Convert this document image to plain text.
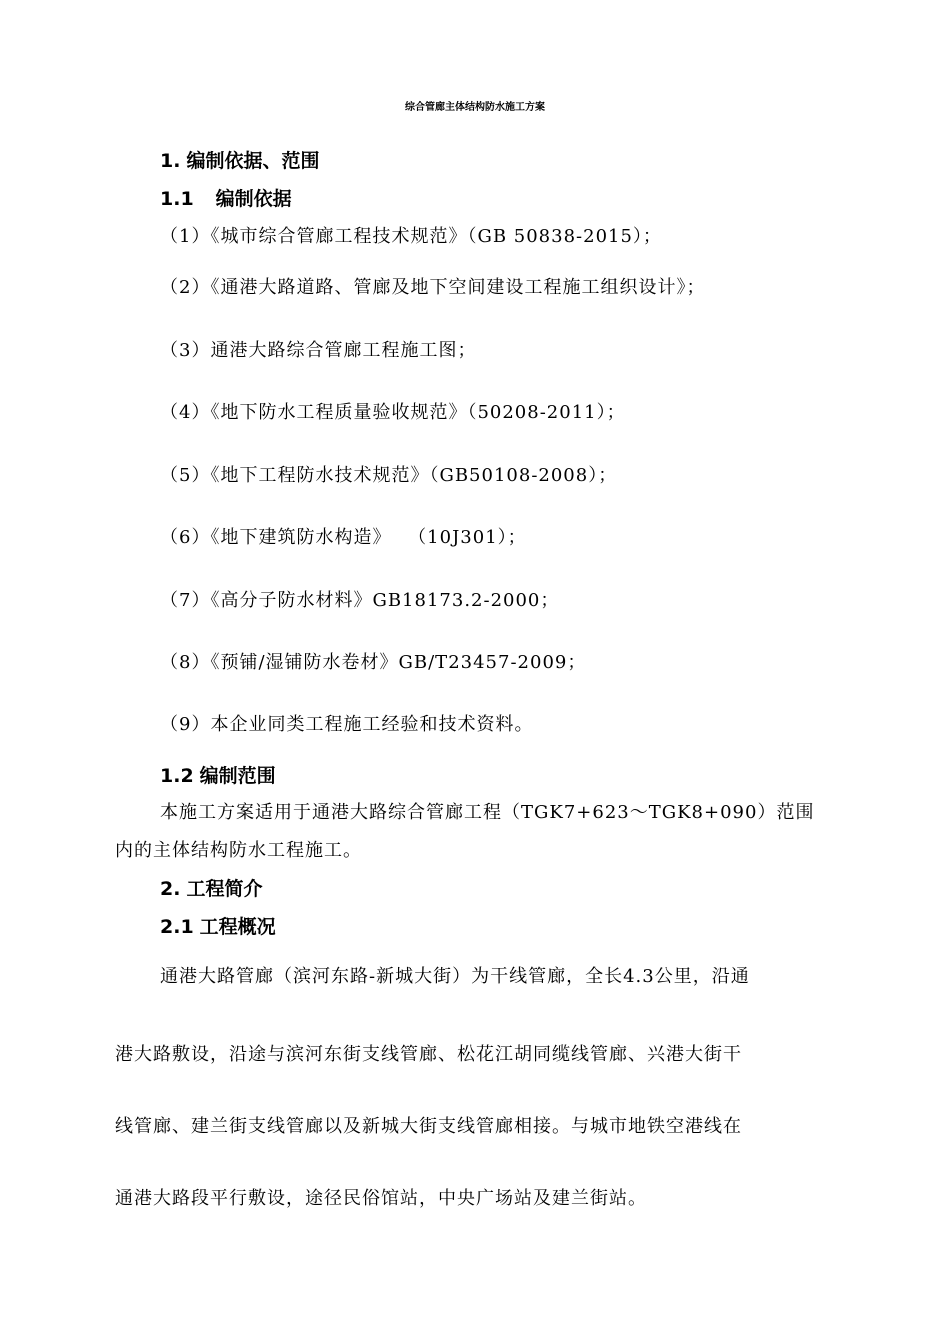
综合管廊主体结构防水施工方案
1. 编制依据、范围
1.1 编制依据
（1）《城市综合管廊工程技术规范》（GB 50838-2015）；
（2）《通港大路道路、管廊及地下空间建设工程施工组织设计》；
（3）通港大路综合管廊工程施工图；
（4）《地下防水工程质量验收规范》（50208-2011）；
（5）《地下工程防水技术规范》（GB50108-2008）；
（6）《地下建筑防水构造》　 （10J301）；
（7）《高分子防水材料》GB18173.2-2000；
（8）《预铺/湿铺防水卷材》GB/T23457-2009；
（9）本企业同类工程施工经验和技术资料。
1.2 编制范围
本施工方案适用于通港大路综合管廊工程（TGK7+623～TGK8+090）范围
内的主体结构防水工程施工。
2. 工程简介
2.1 工程概况
通港大路管廊（滨河东路-新城大街）为干线管廊，全长4.3公里，沿通
港大路敷设，沿途与滨河东街支线管廊、松花江胡同缆线管廊、兴港大街干
线管廊、建兰街支线管廊以及新城大街支线管廊相接。与城市地铁空港线在
通港大路段平行敷设，途径民俗馆站，中央广场站及建兰街站。
